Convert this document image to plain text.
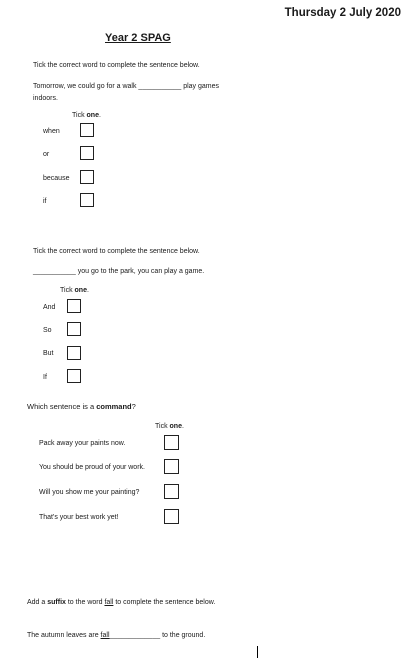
Thursday 2 July 2020
Year 2 SPAG
Tick the correct word to complete the sentence below.
Tomorrow, we could go for a walk ___________ play games
indoors.
Tick one.
when
or
because
if
Tick the correct word to complete the sentence below.
___________ you go to the park, you can play a game.
Tick one.
And
So
But
If
Which sentence is a command?
Tick one.
Pack away your paints now.
You should be proud of your work.
Will you show me your painting?
That's your best work yet!
Add a suffix to the word fall to complete the sentence below.
The autumn leaves are fall_____________ to the ground.
